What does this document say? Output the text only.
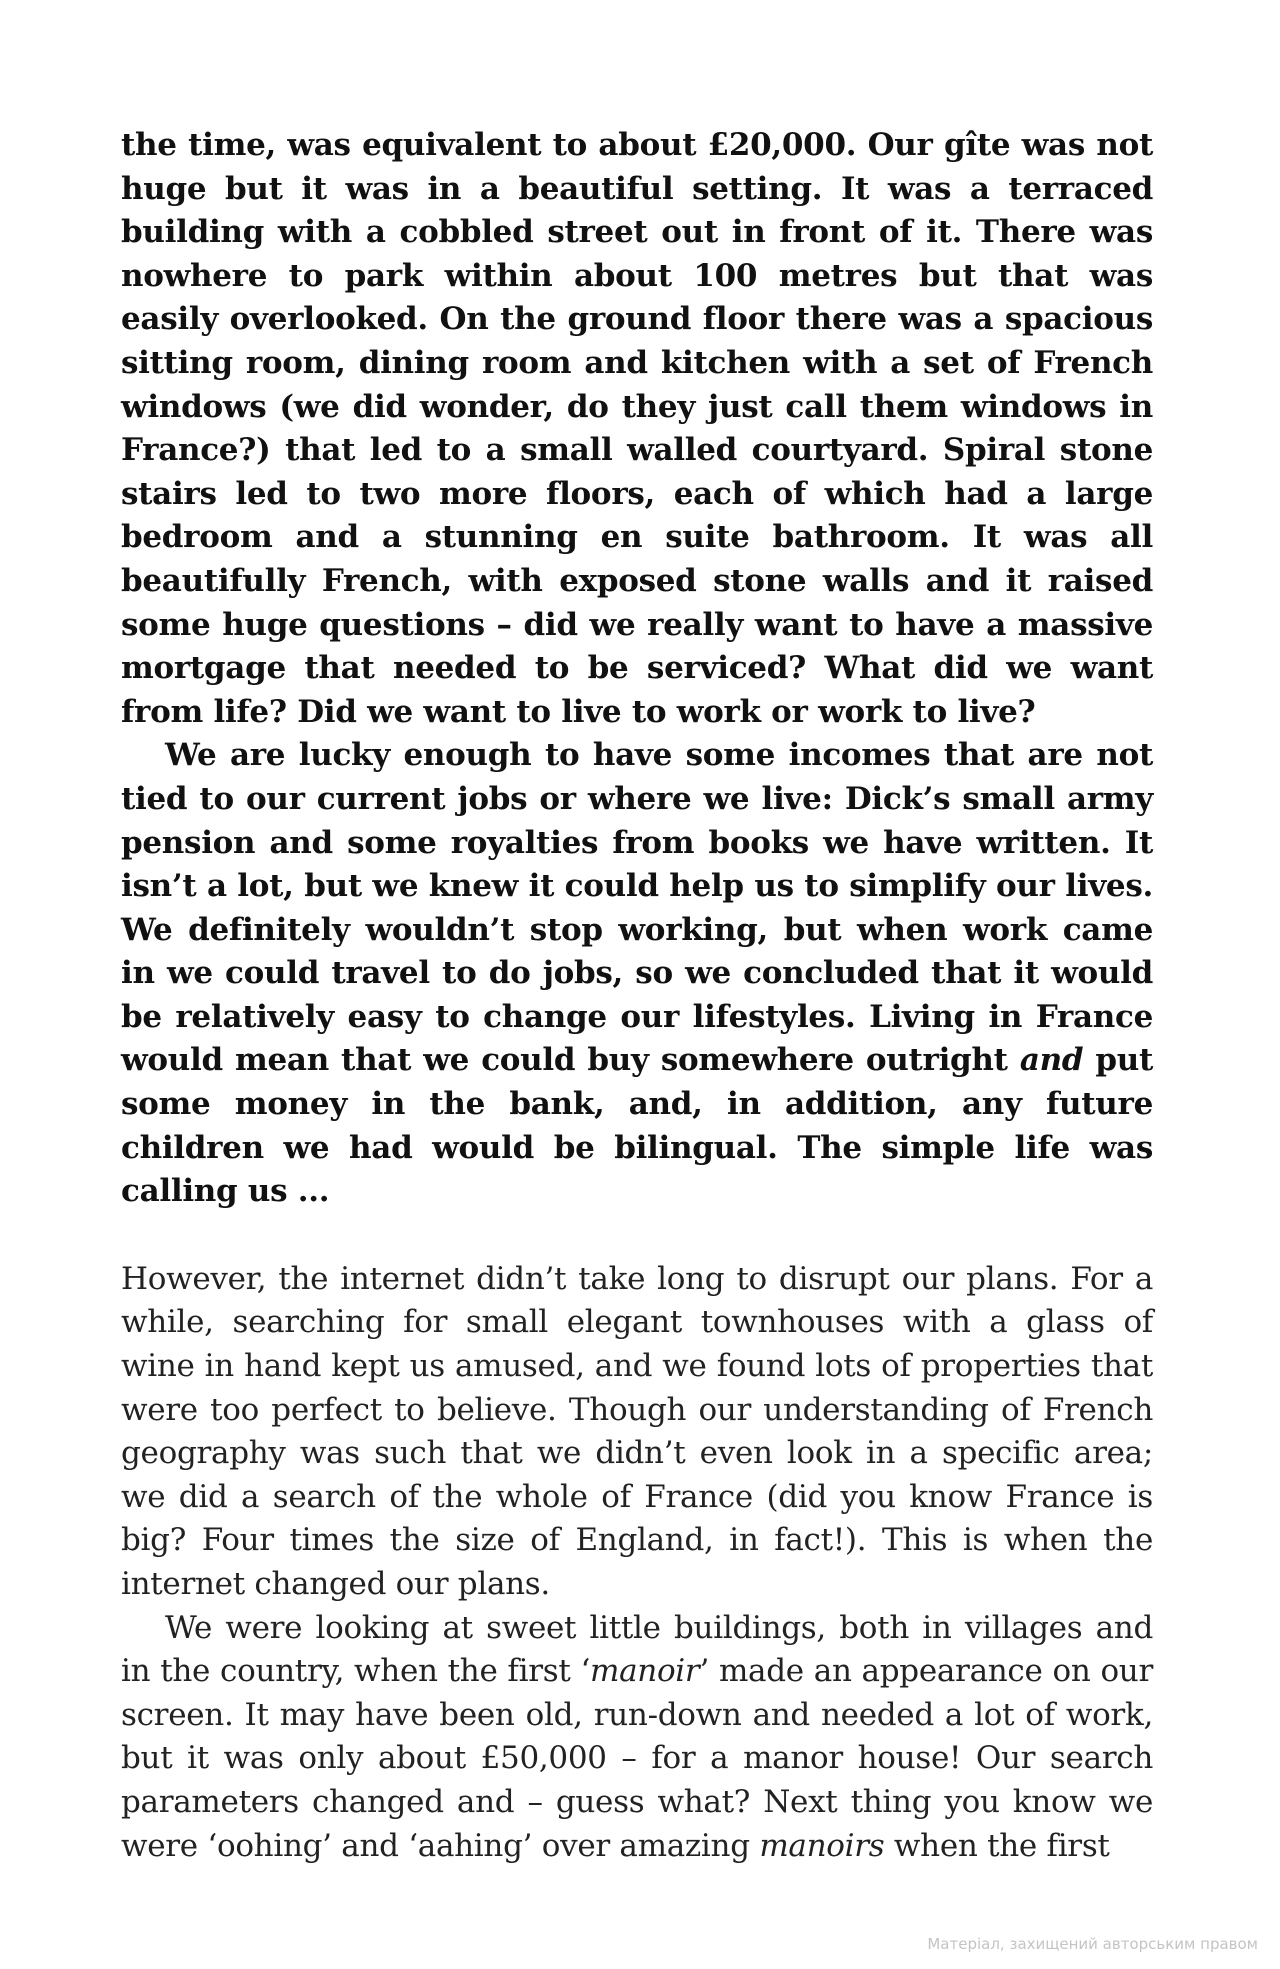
the time, was equivalent to about £20,000. Our gîte was not huge but it was in a beautiful setting. It was a terraced building with a cobbled street out in front of it. There was nowhere to park within about 100 metres but that was easily overlooked. On the ground floor there was a spacious sitting room, dining room and kitchen with a set of French windows (we did wonder, do they just call them windows in France?) that led to a small walled courtyard. Spiral stone stairs led to two more floors, each of which had a large bedroom and a stunning en suite bathroom. It was all beautifully French, with exposed stone walls and it raised some huge questions – did we really want to have a massive mortgage that needed to be serviced? What did we want from life? Did we want to live to work or work to live?

We are lucky enough to have some incomes that are not tied to our current jobs or where we live: Dick’s small army pension and some royalties from books we have written. It isn’t a lot, but we knew it could help us to simplify our lives. We definitely wouldn’t stop working, but when work came in we could travel to do jobs, so we concluded that it would be relatively easy to change our lifestyles. Living in France would mean that we could buy somewhere outright and put some money in the bank, and, in addition, any future children we had would be bilingual. The simple life was calling us ...

However, the internet didn’t take long to disrupt our plans. For a while, searching for small elegant townhouses with a glass of wine in hand kept us amused, and we found lots of properties that were too perfect to believe. Though our understanding of French geography was such that we didn’t even look in a specific area; we did a search of the whole of France (did you know France is big? Four times the size of England, in fact!). This is when the internet changed our plans.

We were looking at sweet little buildings, both in villages and in the country, when the first ‘manoir’ made an appearance on our screen. It may have been old, run-down and needed a lot of work, but it was only about £50,000 – for a manor house! Our search parameters changed and – guess what? Next thing you know we were ‘oohing’ and ‘aahing’ over amazing manoirs when the first

Матеріал, захищений авторським правом
